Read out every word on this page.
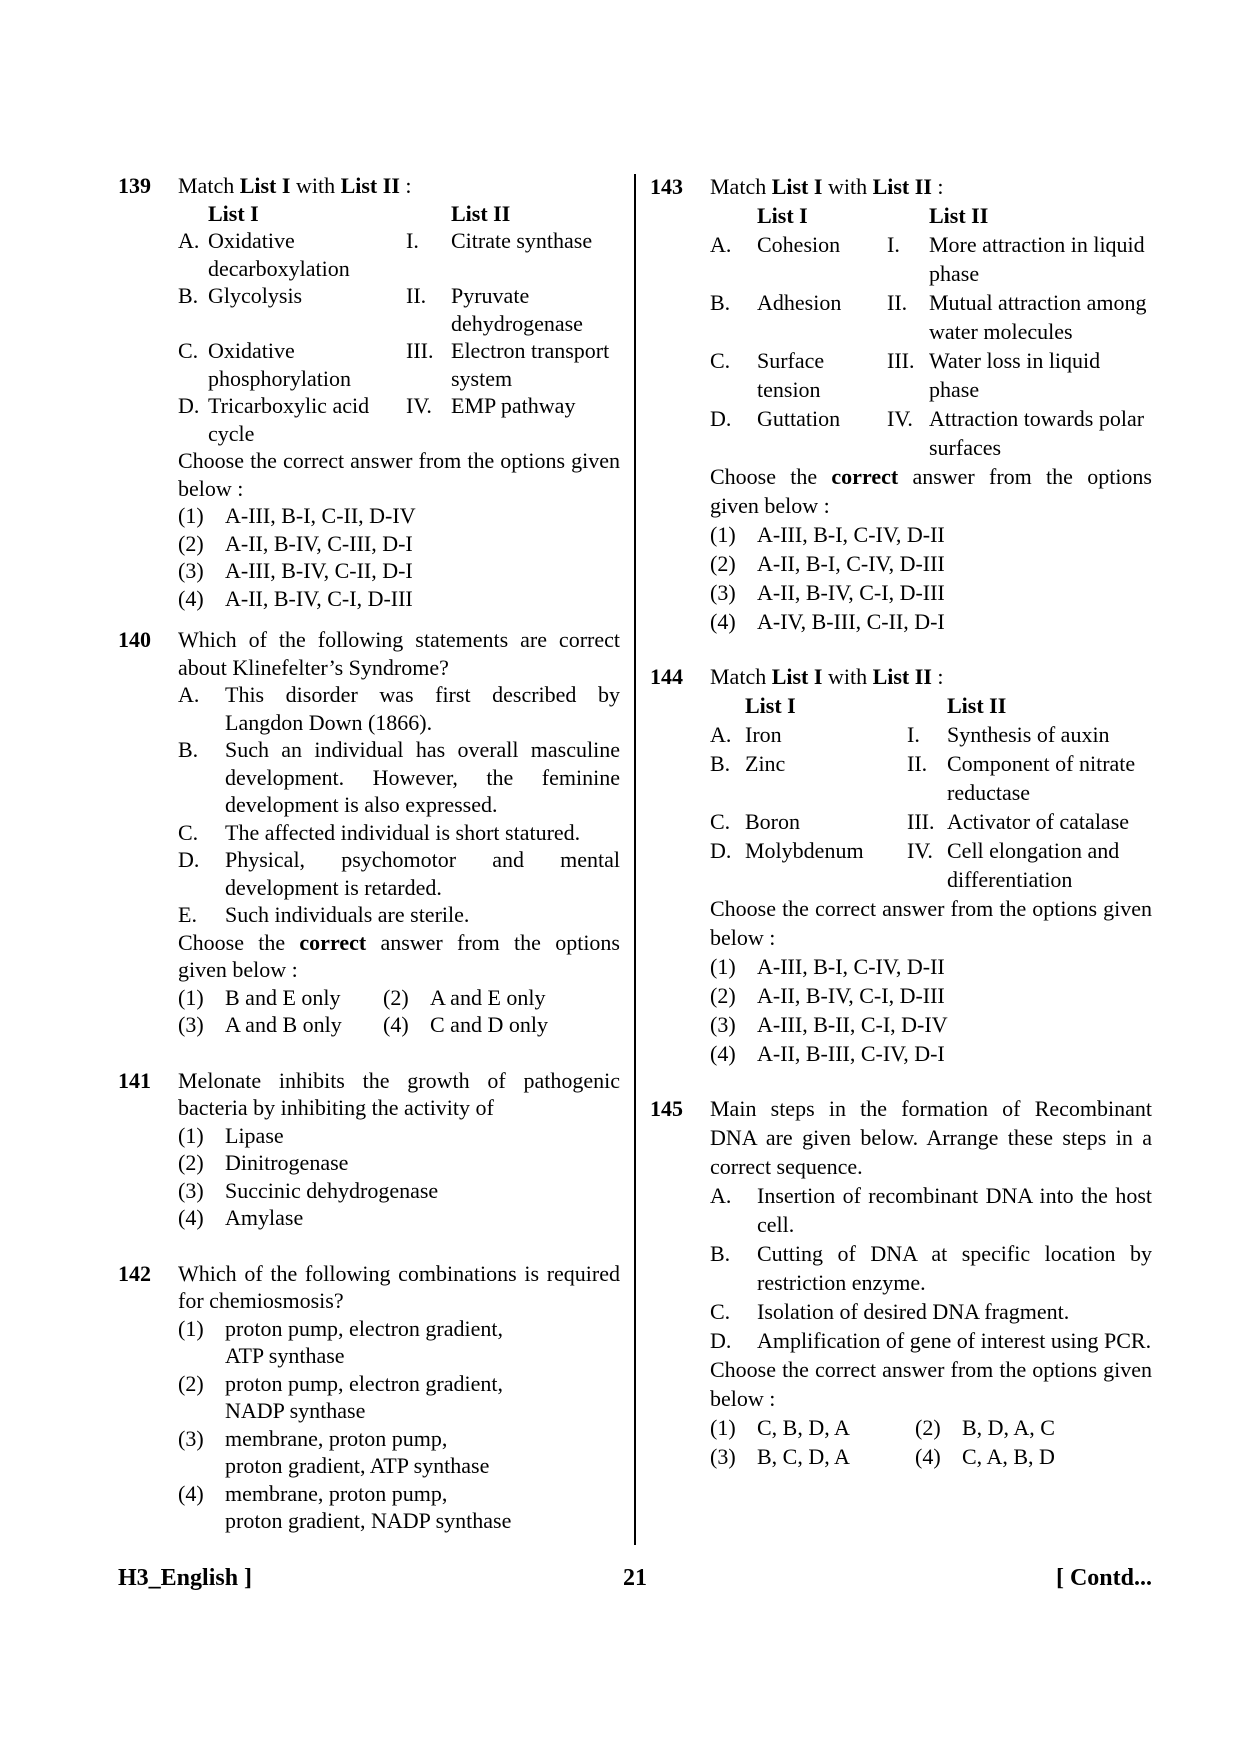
139 Match List I with List II :
	List I		List II
A.	Oxidative decarboxylation	I.	Citrate synthase
B.	Glycolysis	II.	Pyruvate dehydrogenase
C.	Oxidative phosphorylation	III.	Electron transport system
D.	Tricarboxylic acid cycle	IV.	EMP pathway
Choose the correct answer from the options given below :
(1) A-III, B-I, C-II, D-IV
(2) A-II, B-IV, C-III, D-I
(3) A-III, B-IV, C-II, D-I
(4) A-II, B-IV, C-I, D-III
140 Which of the following statements are correct about Klinefelter’s Syndrome?
A.	This disorder was first described by Langdon Down (1866).
B.	Such an individual has overall masculine development. However, the feminine development is also expressed.
C.	The affected individual is short statured.
D.	Physical, psychomotor and mental development is retarded.
E.	Such individuals are sterile.
Choose the correct answer from the options given below :
(1) B and E only (2) A and E only
(3) A and B only (4) C and D only
141 Melonate inhibits the growth of pathogenic bacteria by inhibiting the activity of
(1) Lipase
(2) Dinitrogenase
(3) Succinic dehydrogenase
(4) Amylase
142 Which of the following combinations is required for chemiosmosis?
(1) proton pump, electron gradient,
ATP synthase
(2) proton pump, electron gradient,
NADP synthase
(3) membrane, proton pump,
proton gradient, ATP synthase
(4) membrane, proton pump,
proton gradient, NADP synthase
143 Match List I with List II :
	List I		List II
A.	Cohesion	I.	More attraction in liquid phase
B.	Adhesion	II.	Mutual attraction among water molecules
C.	Surface tension	III.	Water loss in liquid phase
D.	Guttation	IV.	Attraction towards polar surfaces
Choose the correct answer from the options given below :
(1) A-III, B-I, C-IV, D-II
(2) A-II, B-I, C-IV, D-III
(3) A-II, B-IV, C-I, D-III
(4) A-IV, B-III, C-II, D-I
144 Match List I with List II :
	List I		List II
A.	Iron	I.	Synthesis of auxin
B.	Zinc	II.	Component of nitrate reductase
C.	Boron	III.	Activator of catalase
D.	Molybdenum	IV.	Cell elongation and differentiation
Choose the correct answer from the options given below :
(1) A-III, B-I, C-IV, D-II
(2) A-II, B-IV, C-I, D-III
(3) A-III, B-II, C-I, D-IV
(4) A-II, B-III, C-IV, D-I
145 Main steps in the formation of Recombinant DNA are given below. Arrange these steps in a correct sequence.
A.	Insertion of recombinant DNA into the host cell.
B.	Cutting of DNA at specific location by restriction enzyme.
C.	Isolation of desired DNA fragment.
D.	Amplification of gene of interest using PCR.
Choose the correct answer from the options given below :
(1) C, B, D, A	(2) B, D, A, C
(3) B, C, D, A	(4) C, A, B, D
H3_English ]	21	[ Contd...
